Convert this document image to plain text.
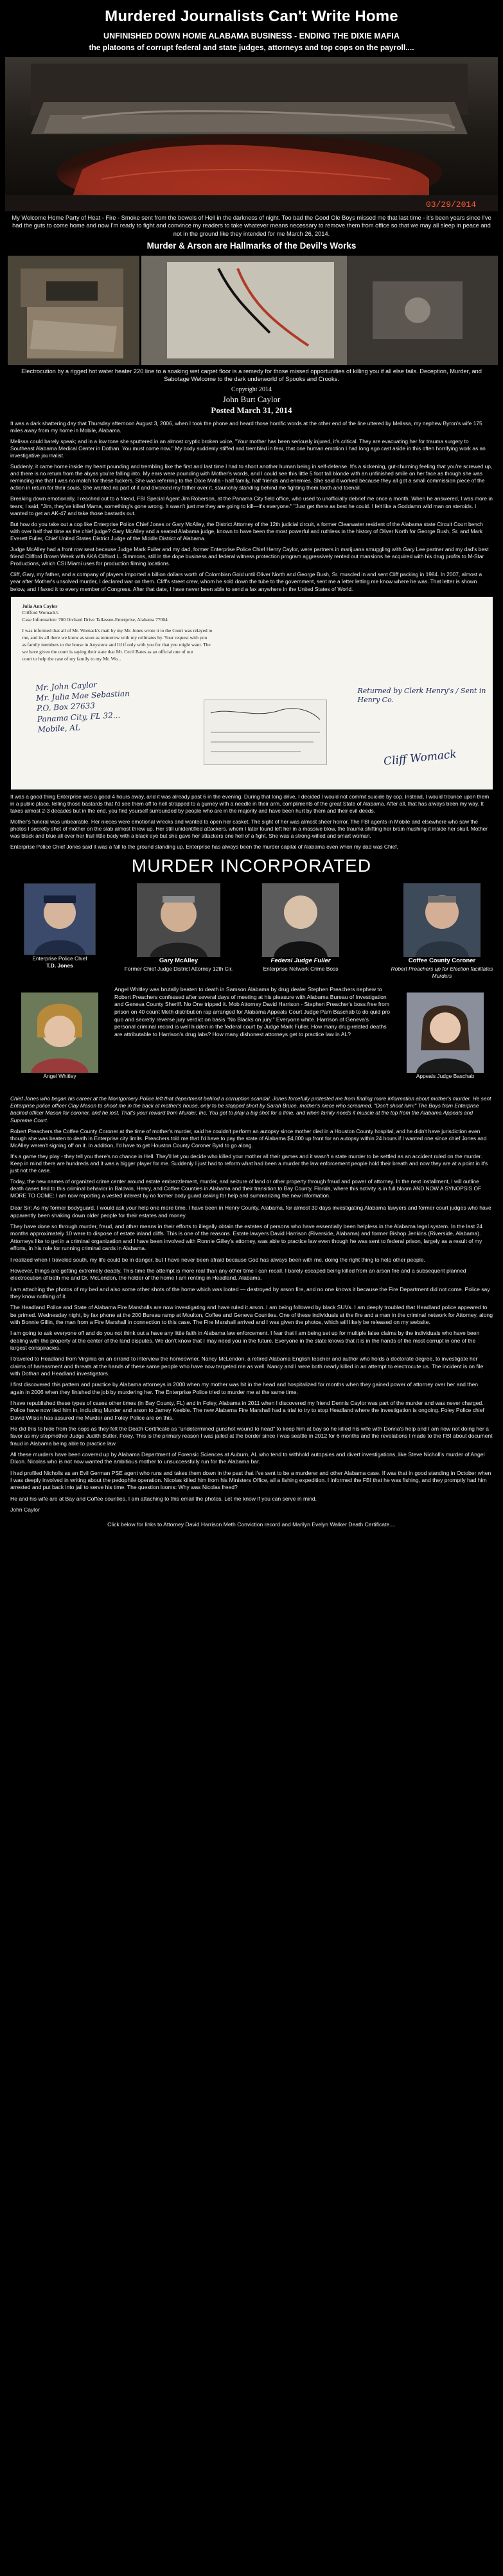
Murdered Journalists Can't Write Home

UNFINISHED DOWN HOME ALABAMA BUSINESS - ENDING THE DIXIE MAFIA

the platoons of corrupt federal and state judges, attorneys and top cops on the payroll....

03/29/2014

My Welcome Home Party of Heat - Fire - Smoke sent from the bowels of Hell in the darkness of night. Too bad the Good Ole Boys missed me that last time - it's been years since I've had the guts to come home and now I'm ready to fight and convince my readers to take whatever means necessary to remove them from office so that we may all sleep in peace and not in the ground like they intended for me March 26, 2014.

Murder & Arson are Hallmarks of the Devil's Works

Electrocution by a rigged hot water heater 220 line to a soaking wet carpet floor is a remedy for those missed opportunities of killing you if all else fails. Deception, Murder, and Sabotage Welcome to the dark underworld of Spooks and Crooks.

Copyright 2014
John Burt Caylor
Posted March 31, 2014

It was a dark shattering day that Thursday afternoon August 3, 2006, when I took the phone and heard those horrific words at the other end of the line uttered by Melissa, my nephew Byron's wife 175 miles away from my home in Mobile, Alabama.

Melissa could barely speak; and in a low tone she sputtered in an almost cryptic broken voice, "Your mother has been seriously injured, it's critical. They are evacuating her for trauma surgery to Southeast Alabama Medical Center in Dothan. You must come now." My body suddenly stiffed and trembled in fear, that one human emotion I had long ago cast aside in this often horrifying work as an investigative journalist.

Suddenly, it came home inside my heart pounding and trembling like the first and last time I had to shoot another human being in self-defense. It's a sickening, gut-churning feeling that you're screwed up, and there is no return from the abyss you're falling into. My ears were pounding with Mother's words, and I could see this little 5 foot tall blonde with an unfinished smile on her face as though she was reminding me that I was no match for these fuckers. She was referring to the Dixie Mafia - half family, half friends and enemies. She said it worked because they all got a small commission piece of the action in return for their souls. She wanted no part of it and divorced my father over it, staunchly standing behind me fighting them tooth and toenail.

Breaking down emotionally, I reached out to a friend, FBI Special Agent Jim Roberson, at the Panama City field office, who used to unofficially debrief me once a month. When he answered, I was more in tears; I said, "Jim, they've killed Mama, something's gone wrong. It wasn't just me they are going to kill—it's everyone." "Just get there as best he could. I felt like a Goddamn wild man on steroids. I wanted to get an AK-47 and take those bastards out.

But how do you take out a cop like Enterprise Police Chief Jones or Gary McAlley, the District Attorney of the 12th judicial circuit, a former Clearwater resident of the Alabama state Circuit Court bench with over half that time as the chief judge? Gary McAlley and a seated Alabama judge, known to have been the most powerful and ruthless in the history of Oliver North for George Bush, Sr. and Mark Everett Fuller, Chief United States District Judge of the Middle District of Alabama.

Judge McAlley had a front row seat because Judge Mark Fuller and my dad, former Enterprise Police Chief Henry Caylor, were partners in marijuana smuggling with Gary Lee partner and my dad's best friend Clifford Brown Week with AKA Clifford L. Simmons, still in the dope business and federal witness protection program aggressively rented out mansions he acquired with his drug profits to M-Star Productions, which CSI Miami uses for production filming locations.

Cliff, Gary, my father, and a company of players imported a billion dollars worth of Colombian Gold until Oliver North and George Bush, Sr. muscled in and sent Cliff packing in 1984. In 2007, almost a year after Mother's unsolved murder, I declared war on them. Cliff's street crew, whom he sold down the tube to the government, sent me a letter letting me know where he was. That letter is shown below, and I faxed it to every member of Congress. After that date, I have never been able to send a fax anywhere in the United States of World.

Julia Ann Caylor
Clifford Womack's
Case Information: 700 Orchard Drive Tallassee-Enterprise, Alabama 77004
I was informed that all of Mr. Womack's mail by my Mr. Jones wrote it to the Court was relayed to
me, and its all there we know as soon as tomorrow with my cellmates by. Your request with you
as family members to the house in Anysnow and I'd if only with you for that you might want. The
we have given the court is saying their state that Mr. Cecil Bates as an official one of our
court to help the case of my family to my Mr. Wo...
Mr. John Caylor
Mr. Julia Mae Sebastian
P.O. Box 27633
Panama City, FL 32...
Mobile, AL
Returned by Clerk Henry's / Sent in Henry Co.
Cliff Womack

It was a good thing Enterprise was a good 4 hours away, and it was already past 6 in the evening. During that long drive, I decided I would not commit suicide by cop. Instead, I would trounce upon them in a public place, telling those bastards that I'd see them off to hell strapped to a gurney with a needle in their arm, compliments of the great State of Alabama. After all, that has always been my way. It takes almost 2-3 decades but in the end, you find yourself surrounded by people who are in the majority and have been hurt by them and their evil deeds.

Mother's funeral was unbearable. Her nieces were emotional wrecks and wanted to open her casket. The sight of her was almost sheer horror. The FBI agents in Mobile and elsewhere who saw the photos I secretly shot of mother on the slab almost threw up. Her still unidentified attackers, whom I later found left her in a massive blow, the trauma shifting her brain mushing it inside her skull. Mother was black and blue all over her frail little body with a black eye but she gave her attackers one hell of a fight. She was a strong-willed and smart woman.

Enterprise Police Chief Jones said it was a fall to the ground standing up, Enterprise has always been the murder capital of Alabama even when my dad was Chief.

MURDER INCORPORATED
Enterprise Police Chief
T.D. Jones
Gary McAlley
Former Chief Judge District Attorney 12th Cir.
Federal Judge Fuller
Enterprise Network Crime Boss
Coffee County Coroner
Robert Preachers up for Election facilitates Murders
Angel Whitley
Angel Whitley was brutally beaten to death in Samson Alabama by drug dealer Stephen Preachers nephew to Robert Preachers confessed after several days of meeting at his pleasure with Alabama Bureau of Investigation and Geneva County Sheriff. No One tripped it. Mob Attorney David Harrison - Stephen Preacher's boss free from prison on 40 count Meth distribution rap arranged for Alabama Appeals Court Judge Pam Baschab to do quid pro quo and secretly reverse jury verdict on basis "No Blacks on jury." Everyone white. Harrison of Geneva's personal criminal record is well hidden in the federal court by Judge Mark Fuller. How many drug-related deaths are attributable to Harrison's drug labs? How many dishonest attorneys get to practice law in AL?
Appeals Judge Baschab

Chief Jones who began his career at the Montgomery Police left that department behind a corruption scandal. Jones forcefully protested me from finding more information about mother's murder. He sent Enterprise police officer Clay Mason to shoot me in the back at mother's house, only to be stopped short by Sarah Bruce, mother's niece who screamed, "Don't shoot him!" The Boys from Enterprise backed officer Mason for coroner, and he lost. That's your reward from Murder, Inc. You get to play a big shot for a time, and when family needs it muscle at the top from the Alabama Appeals and Supreme Court.

Robert Preachers the Coffee County Coroner at the time of mother's murder, said he couldn't perform an autopsy since mother died in a Houston County hospital, and he didn't have jurisdiction even though she was beaten to death in Enterprise city limits. Preachers told me that I'd have to pay the state of Alabama $4,000 up front for an autopsy within 24 hours if I wanted one since chief Jones and McAlley weren't signing off on it. In addition, I'd have to get Houston County Coroner Byrd to go along.

It's a game they play - they tell you there's no chance in Hell. They'll let you decide who killed your mother all their games and it wasn't a state murder to be settled as an accident ruled on the murder. Keep in mind there are hundreds and it was a bigger player for me. Suddenly I just had to reform what had been a murder the law enforcement people hold their breath and now they are at a point in it's just not the case.

Today, the new names of organized crime center around estate embezzlement, murder, and seizure of land or other property through fraud and power of attorney. In the next installment, I will outline death cases tied to this criminal behavior in Baldwin, Henry, and Coffee Counties in Alabama and their transition to Bay County, Florida, where this activity is in full bloom AND NOW A SYNOPSIS OF MORE TO COME: I am now reporting a vested interest by no former body guard asking for help and summarizing the new information.

Dear Sir: As my former bodyguard, I would ask your help one more time. I have been in Henry County, Alabama, for almost 30 days investigating Alabama lawyers and former court judges who have apparently been shaking down older people for their estates and money.

They have done so through murder, fraud, and other means in their efforts to illegally obtain the estates of persons who have essentially been helpless in the Alabama legal system. In the last 24 months approximately 10 were to dispose of estate inland cliffs. This is one of the reasons. Estate lawyers David Harrison (Riverside, Alabama) and former Bishop Jenkins (Riverside, Alabama). Attorneys like to get in a criminal organization and I have been involved with Ronnie Gilley's attorney, was able to practice law even though he was sent to federal prison, largely as a result of my efforts, in his role for running criminal cards in Alabama.

I realized when I traveled south, my life could be in danger, but I have never been afraid because God has always been with me, doing the right thing to help other people.

However, things are getting extremely deadly. This time the attempt is more real than any other time I can recall. I barely escaped being killed from an arson fire and a subsequent planned electrocution of both me and Dr. McLendon, the holder of the home I am renting in Headland, Alabama.

I am attaching the photos of my bed and also some other shots of the home which was looted — destroyed by arson fire, and no one knows it because the Fire Department did not come. Police say they know nothing of it.

The Headland Police and State of Alabama Fire Marshalls are now investigating and have ruled it arson. I am being followed by black SUVs. I am deeply troubled that Headland police appeared to be primed. Wednesday night, by fax phone at the 200 Bureau ramp at Moulton, Coffee and Geneva Counties. One of these individuals at the fire and a man in the criminal network for Attorney, along with Bonnie Gillin, the man from a Fire Marshall in connection to this case. The Fire Marshall arrived and I was given the photos, which will likely be released on my website.

I am going to ask everyone off and do you not think out a have any little faith in Alabama law enforcement. I fear that I am being set up for multiple false claims by the individuals who have been dealing with the property at the center of the land disputes. We don't know that I may need you in the future. Everyone in the state knows that it is in the hands of the most corrupt in one of the largest conspiracies.

I traveled to Headland from Virginia on an errand to interview the homeowner, Nancy McLendon, a retired Alabama English teacher and author who holds a doctorate degree, to investigate her claims of harassment and threats at the hands of these same people who have now targeted me as well. Nancy and I were both nearly killed in an attempt to electrocute us. The incident is on file with Dothan and Headland investigators.

I first discovered this pattern and practice by Alabama attorneys in 2000 when my mother was hit in the head and hospitalized for months when they gained power of attorney over her and then again in 2006 when they finished the job by murdering her. The Enterprise Police tried to murder me at the same time.

I have republished these types of cases other times (in Bay County, FL) and in Foley, Alabama in 2011 when I discovered my friend Dennis Caylor was part of the murder and was never charged. Police have now tied him in, including Murder and arson to Jamey Keeble. The new Alabama Fire Marshall had a trial to try to stop Headland where the investigation is ongoing. Foley Police chief David Wilson has assured me Murder and Foley Police are on this.

He did this to hide from the cops as they felt the Death Certificate as "undetermined gunshot wound to head" to keep him at bay so he killed his wife with Donna's help and I am now not doing her a favor as my stepmother Judge Judith Butler. Foley. This is the primary reason I was jailed at the border since I was seattle in 2012 for 6 months and the revelations I made to the FBI about document fraud in Alabama being able to practice law.

All these murders have been covered up by Alabama Department of Forensic Sciences at Auburn, AL who tend to withhold autopsies and divert investigations, like Steve Nicholl's murder of Angel Dixon. Nicolas who is not now wanted the ambitious mother to unsuccessfully run for the Alabama bar.

I had profiled Nicholls as an Evil German PSE agent who runs and takes them down in the past that I've sent to be a murderer and other Alabama case. If was that in good standing in October when I was deeply involved in writing about the pedophile operation. Nicolas killed him from his Ministers Office, all a fishing expedition. I informed the FBI that he was fishing, and they promptly had him arrested and put back into jail to serve his time. The question looms: Why was Nicolas freed?

He and his wife are at Bay and Coffee counties. I am attaching to this email the photos. Let me know if you can serve in mind.

John Caylor

Click below for links to Attorney David Harrison Meth Conviction record and Marilyn Evelyn Walker Death Certificate....
